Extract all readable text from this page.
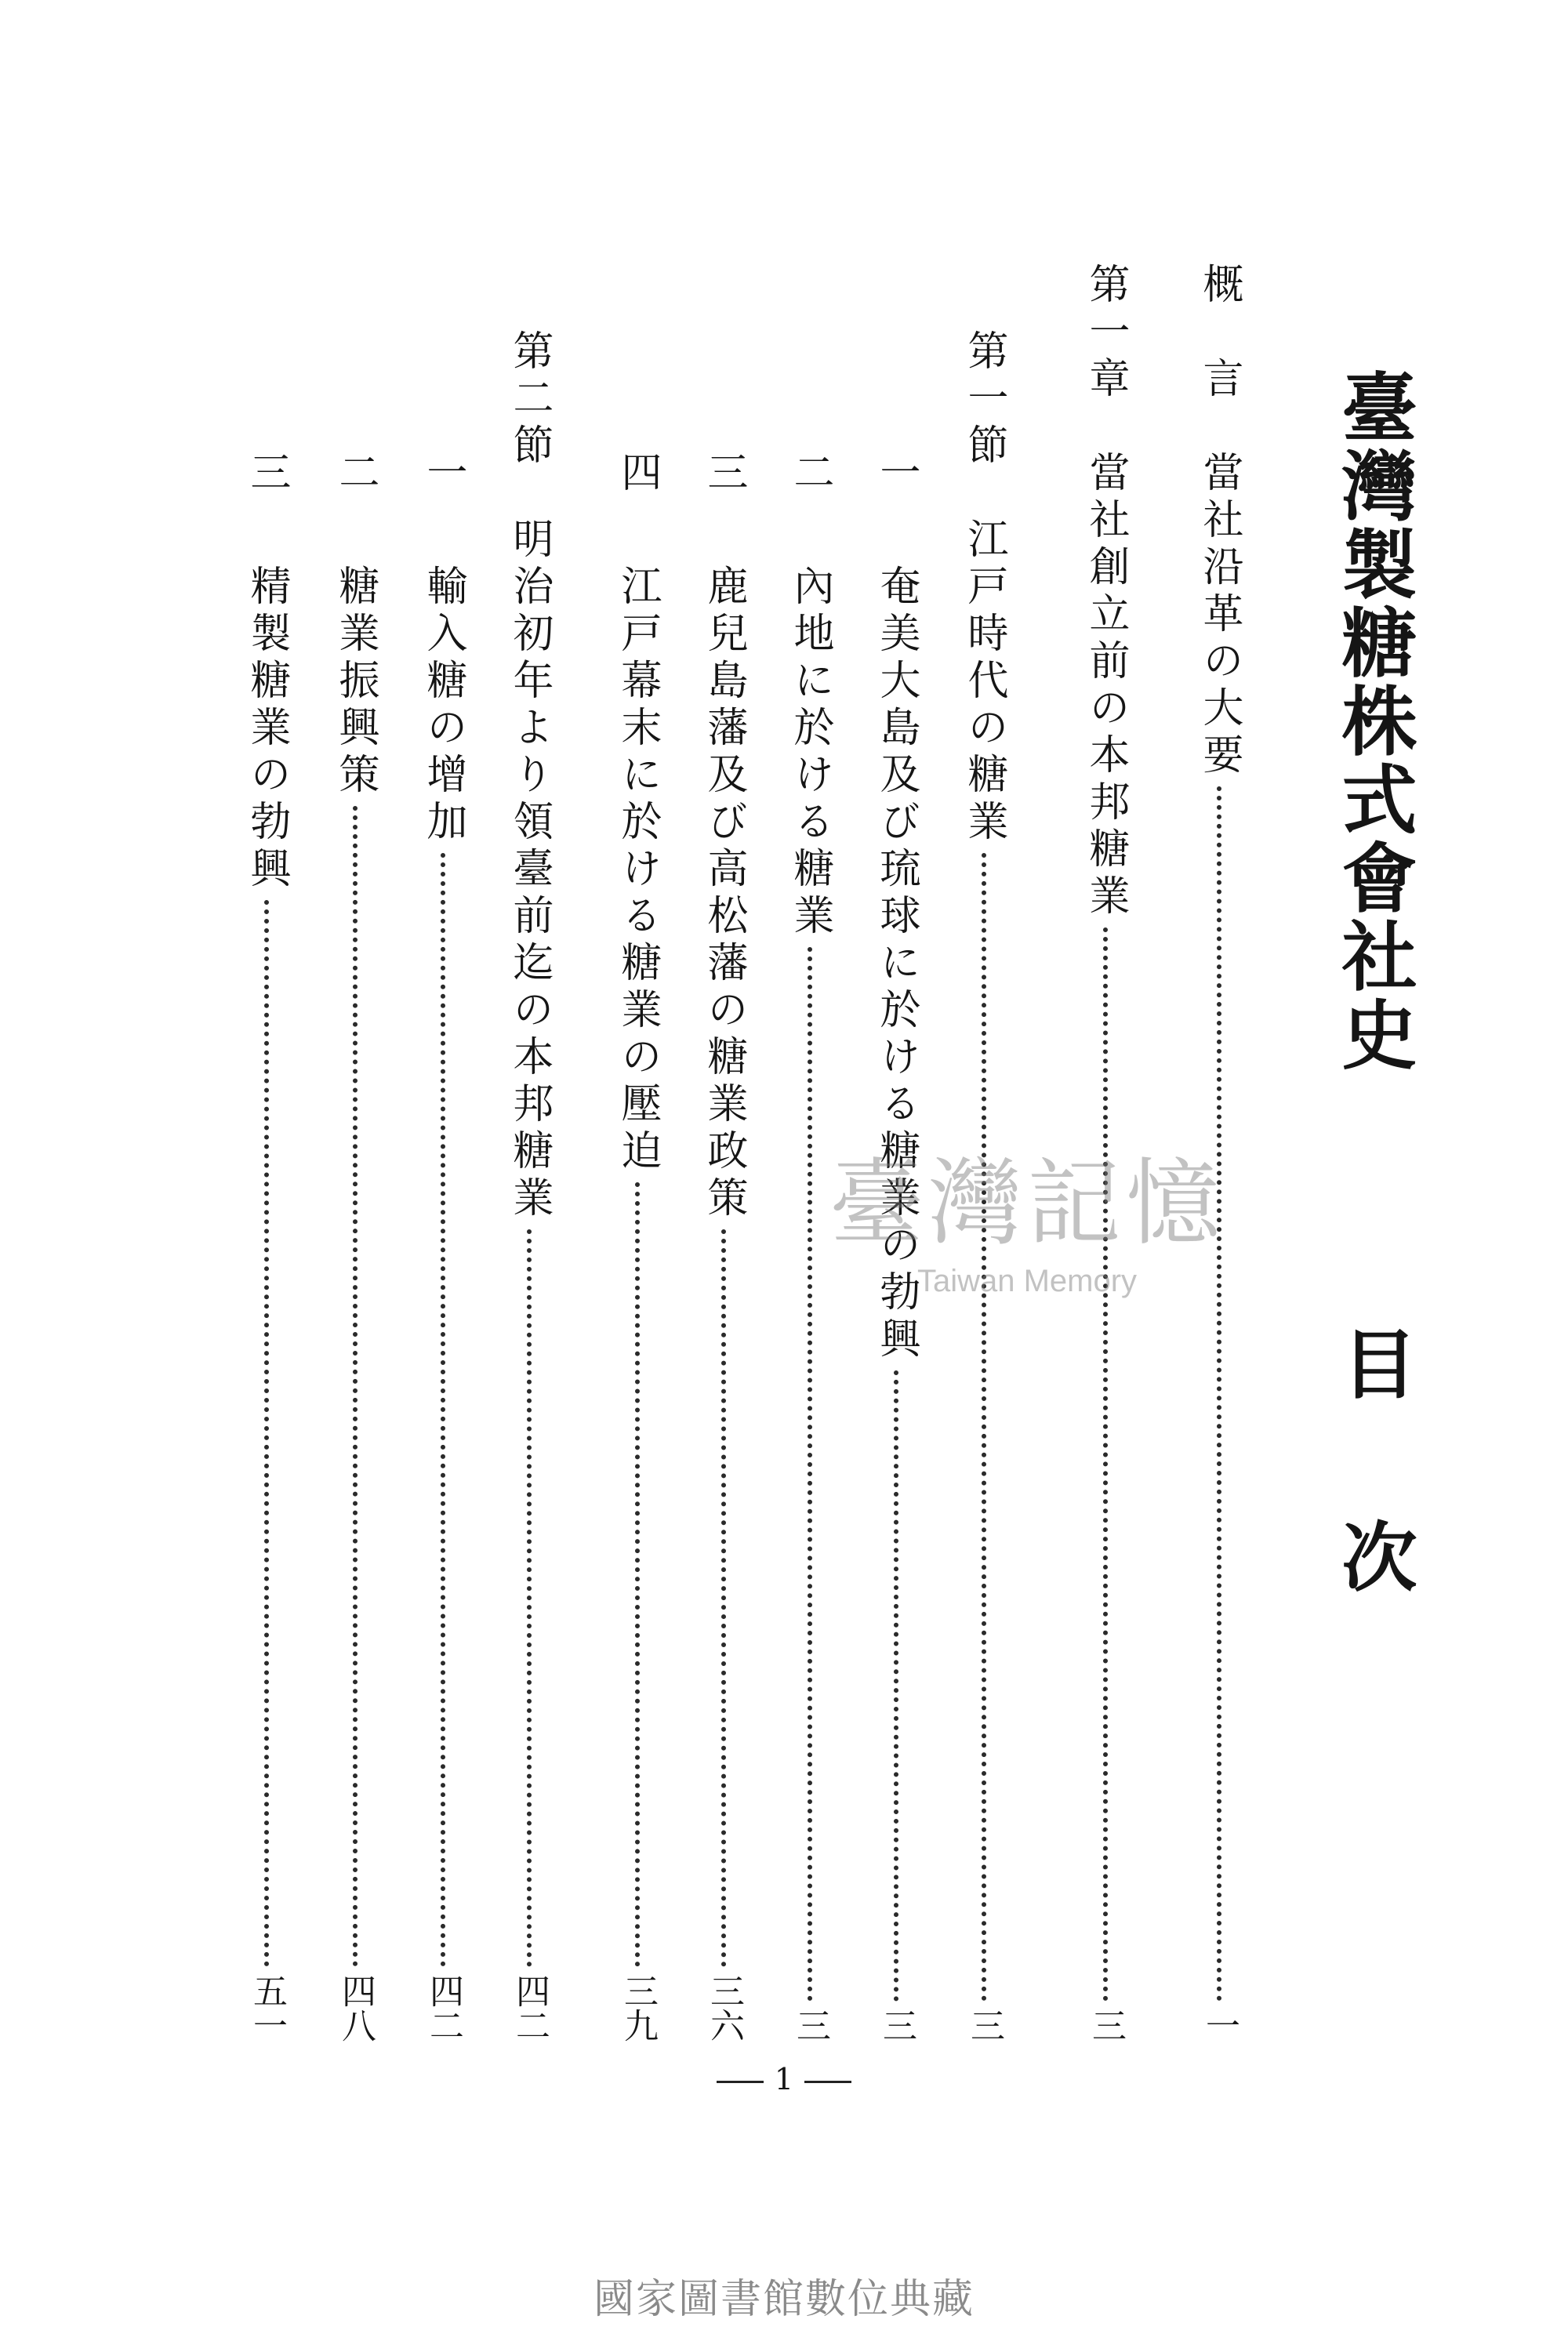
臺灣製糖株式會社史
目次
概　言
當社沿革の大要
一
第一章
當社創立前の本邦糖業
三
第一節
江戸時代の糖業
三
一
奄美大島及び琉球に於ける糖業の勃興
三
二
內地に於ける糖業
三
三
鹿兒島藩及び高松藩の糖業政策
三六
四
江戸幕末に於ける糖業の壓迫
三九
第二節
明治初年より領臺前迄の本邦糖業
四二
一
輸入糖の增加
四二
二
糖業振興策
四八
三
精製糖業の勃興
五一
1
臺灣記憶
Taiwan Memory
國家圖書館數位典藏
